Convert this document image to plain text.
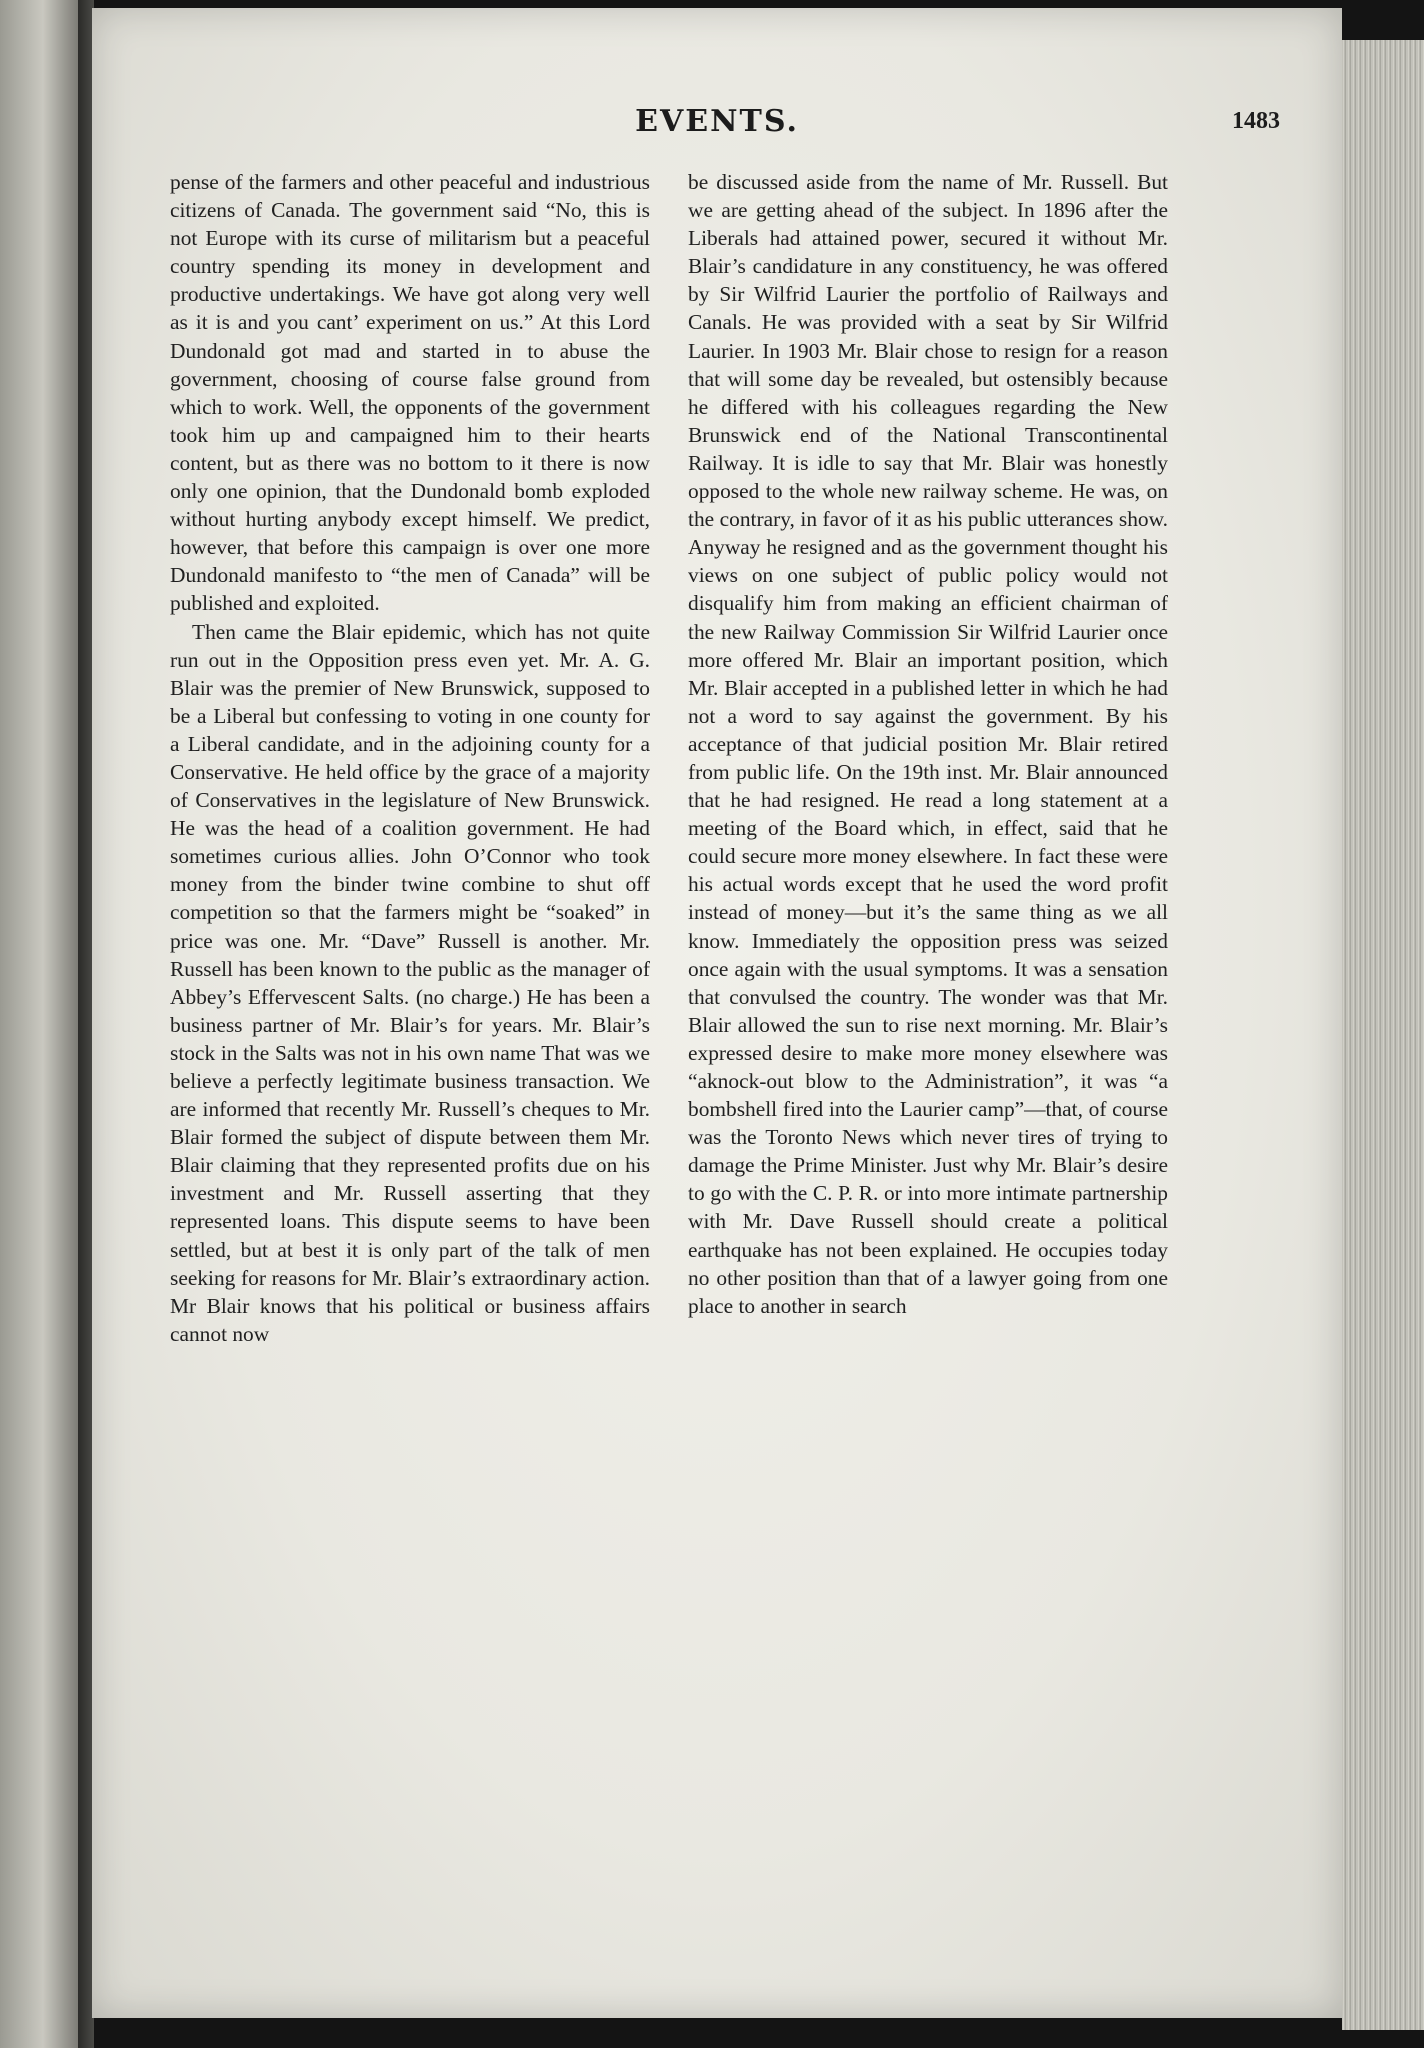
EVENTS.	1483

pense of the farmers and other peaceful and industrious citizens of Canada. The government said “No, this is not Europe with its curse of militarism but a peaceful country spending its money in development and productive undertakings. We have got along very well as it is and you cant’ experiment on us.” At this Lord Dundonald got mad and started in to abuse the government, choosing of course false ground from which to work. Well, the opponents of the government took him up and campaigned him to their hearts content, but as there was no bottom to it there is now only one opinion, that the Dundonald bomb exploded without hurting anybody except himself. We predict, however, that before this campaign is over one more Dundonald manifesto to “the men of Canada” will be published and exploited.

Then came the Blair epidemic, which has not quite run out in the Opposition press even yet. Mr. A. G. Blair was the premier of New Brunswick, supposed to be a Liberal but confessing to voting in one county for a Liberal candidate, and in the adjoining county for a Conservative. He held office by the grace of a majority of Conservatives in the legislature of New Brunswick. He was the head of a coalition government. He had sometimes curious allies. John O’Connor who took money from the binder twine combine to shut off competition so that the farmers might be “soaked” in price was one. Mr. “Dave” Russell is another. Mr. Russell has been known to the public as the manager of Abbey’s Effervescent Salts. (no charge.) He has been a business partner of Mr. Blair’s for years. Mr. Blair’s stock in the Salts was not in his own name That was we believe a perfectly legitimate business transaction. We are informed that recently Mr. Russell’s cheques to Mr. Blair formed the subject of dispute between them Mr. Blair claiming that they represented profits due on his investment and Mr. Russell asserting that they represented loans. This dispute seems to have been settled, but at best it is only part of the talk of men seeking for reasons for Mr. Blair’s extraordinary action. Mr Blair knows that his political or business affairs cannot now

be discussed aside from the name of Mr. Russell. But we are getting ahead of the subject. In 1896 after the Liberals had attained power, secured it without Mr. Blair’s candidature in any constituency, he was offered by Sir Wilfrid Laurier the portfolio of Railways and Canals. He was provided with a seat by Sir Wilfrid Laurier. In 1903 Mr. Blair chose to resign for a reason that will some day be revealed, but ostensibly because he differed with his colleagues regarding the New Brunswick end of the National Transcontinental Railway. It is idle to say that Mr. Blair was honestly opposed to the whole new railway scheme. He was, on the contrary, in favor of it as his public utterances show. Anyway he resigned and as the government thought his views on one subject of public policy would not disqualify him from making an efficient chairman of the new Railway Commission Sir Wilfrid Laurier once more offered Mr. Blair an important position, which Mr. Blair accepted in a published letter in which he had not a word to say against the government. By his acceptance of that judicial position Mr. Blair retired from public life. On the 19th inst. Mr. Blair announced that he had resigned. He read a long statement at a meeting of the Board which, in effect, said that he could secure more money elsewhere. In fact these were his actual words except that he used the word profit instead of money—but it’s the same thing as we all know. Immediately the opposition press was seized once again with the usual symptoms. It was a sensation that convulsed the country. The wonder was that Mr. Blair allowed the sun to rise next morning. Mr. Blair’s expressed desire to make more money elsewhere was “aknock-out blow to the Administration”, it was “a bombshell fired into the Laurier camp”—that, of course was the Toronto News which never tires of trying to damage the Prime Minister. Just why Mr. Blair’s desire to go with the C. P. R. or into more intimate partnership with Mr. Dave Russell should create a political earthquake has not been explained. He occupies today no other position than that of a lawyer going from one place to another in search
